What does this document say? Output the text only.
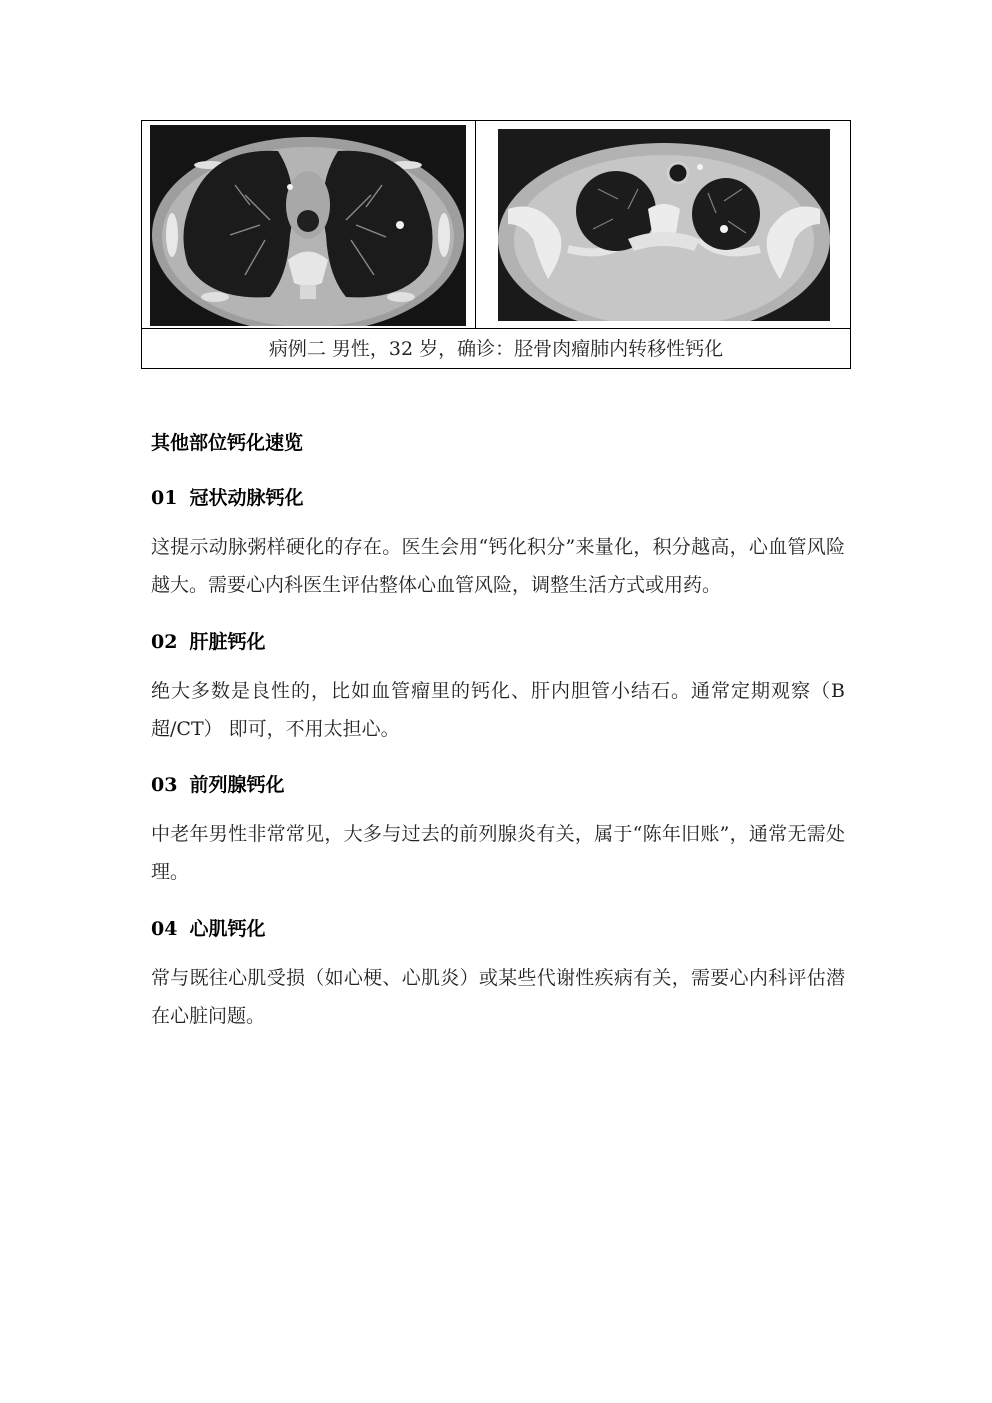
病例二 男性，32 岁，确诊：胫骨肉瘤肺内转移性钙化
其他部位钙化速览
01 冠状动脉钙化
这提示动脉粥样硬化的存在。医生会用“钙化积分”来量化，积分越高，心血管风险越大。需要心内科医生评估整体心血管风险，调整生活方式或用药。
02 肝脏钙化
绝大多数是良性的，比如血管瘤里的钙化、肝内胆管小结石。通常定期观察（B超/CT） 即可，不用太担心。
03 前列腺钙化
中老年男性非常常见，大多与过去的前列腺炎有关，属于“陈年旧账”，通常无需处理。
04 心肌钙化
常与既往心肌受损（如心梗、心肌炎）或某些代谢性疾病有关，需要心内科评估潜在心脏问题。
